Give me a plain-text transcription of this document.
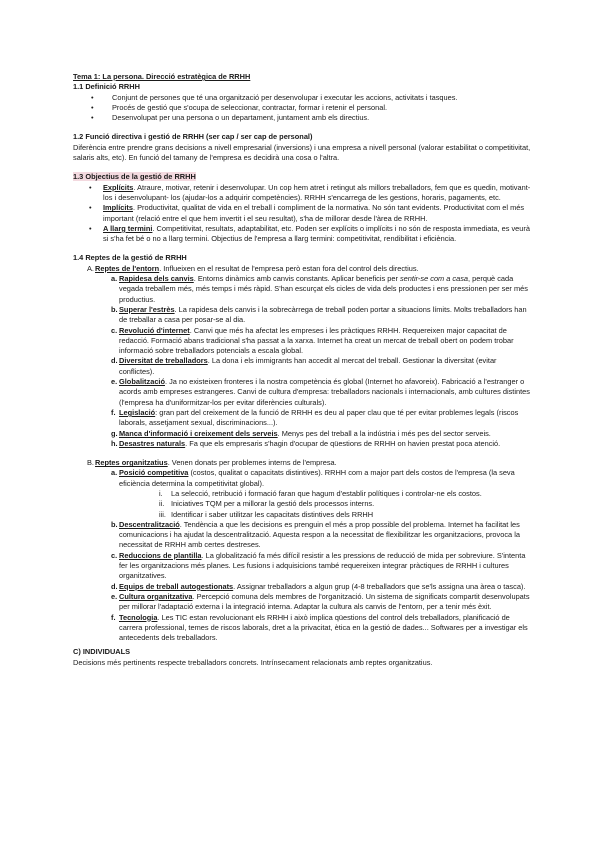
Tema 1: La persona. Direcció estratègica de RRHH

1.1 Definició RRHH

• Conjunt de persones que té una organització per desenvolupar i executar les accions, activitats i tasques.
• Procés de gestió que s'ocupa de seleccionar, contractar, formar i retenir el personal.
• Desenvolupat per una persona o un departament, juntament amb els directius.

1.2 Funció directiva i gestió de RRHH (ser cap / ser cap de personal)

Diferència entre prendre grans decisions a nivell empresarial (inversions) i una empresa a nivell personal (valorar estabilitat o competitivitat, salaris alts, etc). En funció del tamany de l'empresa es decidirà una cosa o l'altra.

1.3 Objectius de la gestió de RRHH

• Explícits. Atraure, motivar, retenir i desenvolupar. Un cop hem atret i retingut als millors treballadors, fem que es quedin, motivant-los i desenvolupant- los (ajudar-los a adquirir competències). RRHH s'encarrega de les gestions, horaris, pagaments, etc.
• Implícits. Productivitat, qualitat de vida en el treball i compliment de la normativa. No són tant evidents. Productivitat com el més important (relació entre el que hem invertit i el seu resultat), s'ha de millorar desde l'àrea de RRHH.
• A llarg termini. Competitivitat, resultats, adaptabilitat, etc. Poden ser explícits o implícits i no són de resposta immediata, es veurà si s'ha fet bé o no a llarg termini. Objectius de l'empresa a llarg termini: competitivitat, rendibilitat i eficiència.

1.4 Reptes de la gestió de RRHH

A. Reptes de l'entorn. Influeixen en el resultat de l'empresa però estan fora del control dels directius.
a. Rapidesa dels canvis. Entorns dinàmics amb canvis constants. Aplicar beneficis per sentir-se com a casa, perquè cada vegada treballem més, més temps i més ràpid. S'han escurçat els cicles de vida dels productes i ens pressionen per ser més productius.
b. Superar l'estrès. La rapidesa dels canvis i la sobrecàrrega de treball poden portar a situacions límits. Molts treballadors han de treballar a casa per posar-se al dia.
c. Revolució d'internet. Canvi que més ha afectat les empreses i les pràctiques RRHH. Requereixen major capacitat de redacció. Formació abans tradicional s'ha passat a la xarxa. Internet ha creat un mercat de treball obert on podem trobar informació sobre treballadors potencials a escala global.
d. Diversitat de treballadors. La dona i els immigrants han accedit al mercat del treball. Gestionar la diversitat (evitar conflictes).
e. Globalització. Ja no existeixen fronteres i la nostra competència és global (Internet ho afavoreix). Fabricació a l'estranger o acords amb empreses estrangeres. Canvi de cultura d'empresa: treballadors nacionals i internacionals, amb cultures distintes (l'empresa ha d'uniformitzar-los per evitar diferències culturals).
f. Legislació: gran part del creixement de la funció de RRHH es deu al paper clau que té per evitar problemes legals (riscos laborals, assetjament sexual, discriminacions...).
g. Manca d'informació i creixement dels serveis. Menys pes del treball a la indústria i més pes del sector serveis.
h. Desastres naturals. Fa que els empresaris s'hagin d'ocupar de qüestions de RRHH on havien prestat poca atenció.
B. Reptes organitzatius. Venen donats per problemes interns de l'empresa.
a. Posició competitiva (costos, qualitat o capacitats distintives). RRHH com a major part dels costos de l'empresa (la seva eficiència determina la competitivitat global).
i. La selecció, retribució i formació faran que hagum d'establir polítiques i controlar-ne els costos.
ii. Iniciatives TQM per a millorar la gestió dels processos interns.
iii. Identificar i saber utilitzar les capacitats distintives dels RRHH
b. Descentralització. Tendència a que les decisions es prenguin el més a prop possible del problema. Internet ha facilitat les comunicacions i ha ajudat la descentralització. Aquesta respon a la necessitat de flexibilitzar les organitzacions, provoca la necessitat de RRHH amb certes destreses.
c. Reduccions de plantilla. La globalització fa més difícil resistir a les pressions de reducció de mida per sobreviure. S'intenta fer les organitzacions més planes. Les fusions i adquisicions també requereixen integrar pràctiques de RRHH i cultures organitzatives.
d. Equips de treball autogestionats. Assignar treballadors a algun grup (4-8 treballadors que se'ls assigna una àrea o tasca).
e. Cultura organitzativa. Percepció comuna dels membres de l'organització. Un sistema de significats compartit desenvolupats per millorar l'adaptació externa i la integració interna. Adaptar la cultura als canvis de l'entorn, per a tenir més èxit.
f. Tecnologia. Les TIC estan revolucionant els RRHH i això implica qüestions del control dels treballadors, planificació de carrera professional, temes de riscos laborals, dret a la privacitat, ètica en la gestió de dades... Softwares per a investigar els antecedents dels treballadors.

C) INDIVIDUALS

Decisions més pertinents respecte treballadors concrets. Intrínsecament relacionats amb reptes organitzatius.
